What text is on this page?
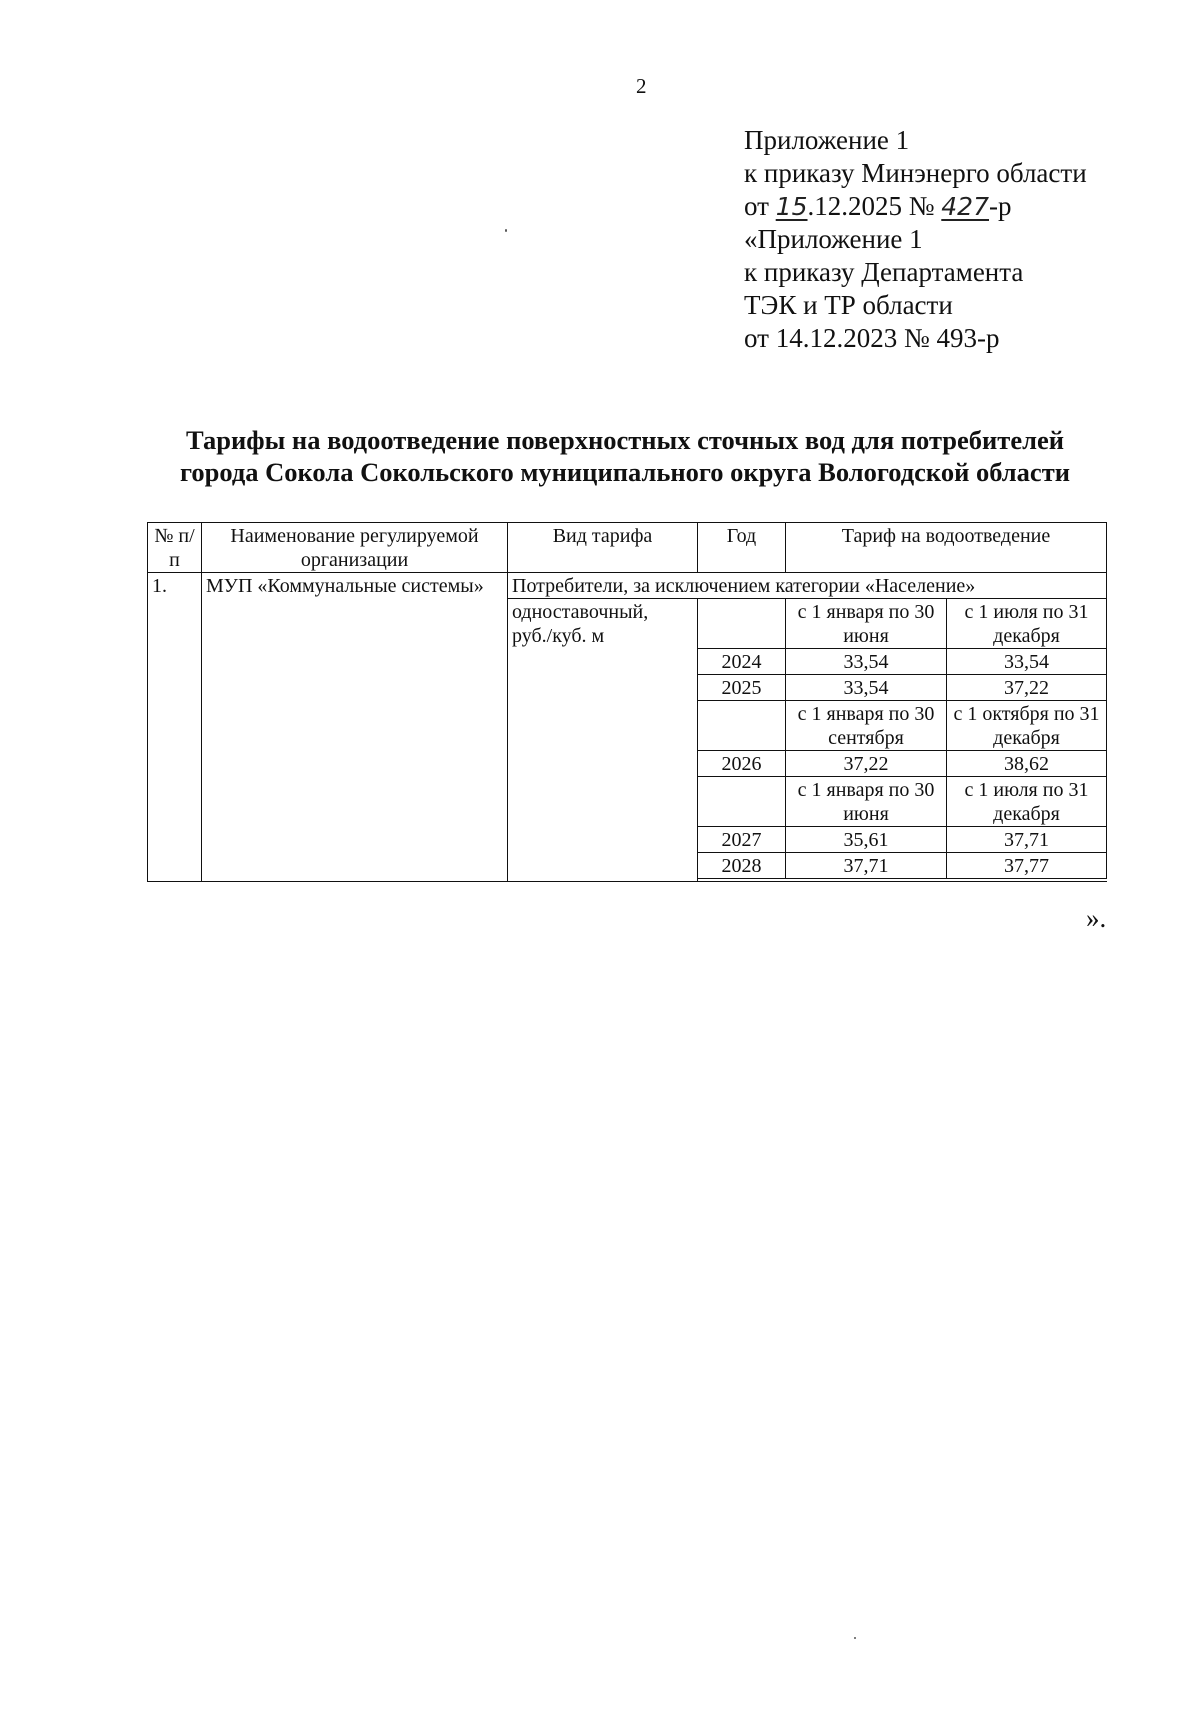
2
Приложение 1
к приказу Минэнерго области
от 15.12.2025 № 427-р
«Приложение 1
к приказу Департамента
ТЭК и ТР области
от 14.12.2023 № 493-р
Тарифы на водоотведение поверхностных сточных вод для потребителей
города Сокола Сокольского муниципального округа Вологодской области
№ п/п	Наименование регулируемой организации	Вид тарифа	Год	Тариф на водоотведение	
1.	МУП «Коммунальные системы»	Потребители, за исключением категории «Население»			
		одноставочный, руб./куб. м		с 1 января по 30 июня	с 1 июля по 31 декабря
			2024	33,54	33,54
			2025	33,54	37,22
				с 1 января по 30 сентября	с 1 октября по 31 декабря
			2026	37,22	38,62
				с 1 января по 30 июня	с 1 июля по 31 декабря
			2027	35,61	37,71
			2028	37,71	37,77

».
